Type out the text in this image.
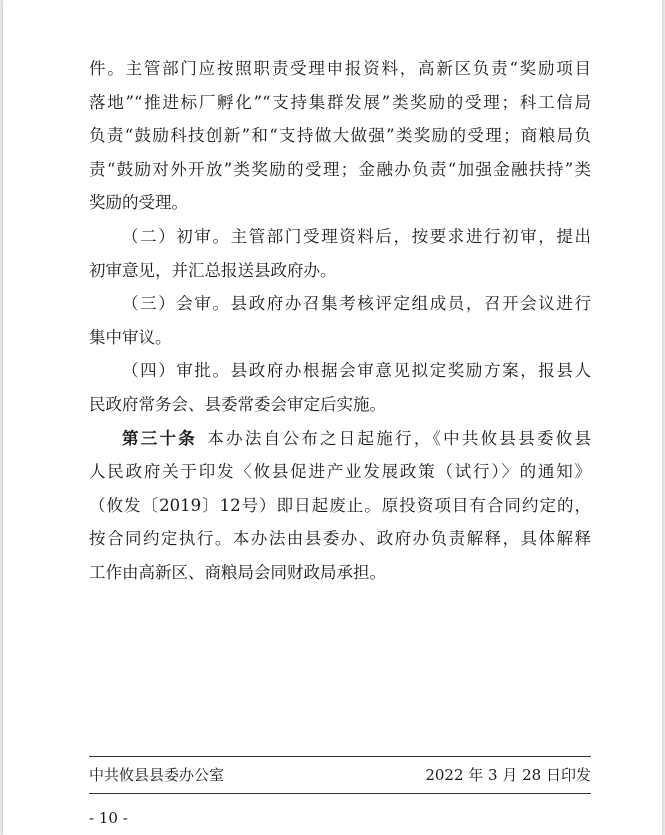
件。主管部门应按照职责受理申报资料，高新区负责“奖励项目
落地”“推进标厂孵化”“支持集群发展”类奖励的受理；科工信局
负责“鼓励科技创新”和“支持做大做强”类奖励的受理；商粮局负
责“鼓励对外开放”类奖励的受理；金融办负责“加强金融扶持”类
奖励的受理。
（二）初审。主管部门受理资料后，按要求进行初审，提出
初审意见，并汇总报送县政府办。
（三）会审。县政府办召集考核评定组成员，召开会议进行
集中审议。
（四）审批。县政府办根据会审意见拟定奖励方案，报县人
民政府常务会、县委常委会审定后实施。
第三十条 本办法自公布之日起施行，《中共攸县县委攸县
人民政府关于印发〈攸县促进产业发展政策（试行）〉的通知》
（攸发〔2019〕12号）即日起废止。原投资项目有合同约定的，
按合同约定执行。本办法由县委办、政府办负责解释，具体解释
工作由高新区、商粮局会同财政局承担。
中共攸县县委办公室	2022 年 3 月 28 日印发
- 10 -
